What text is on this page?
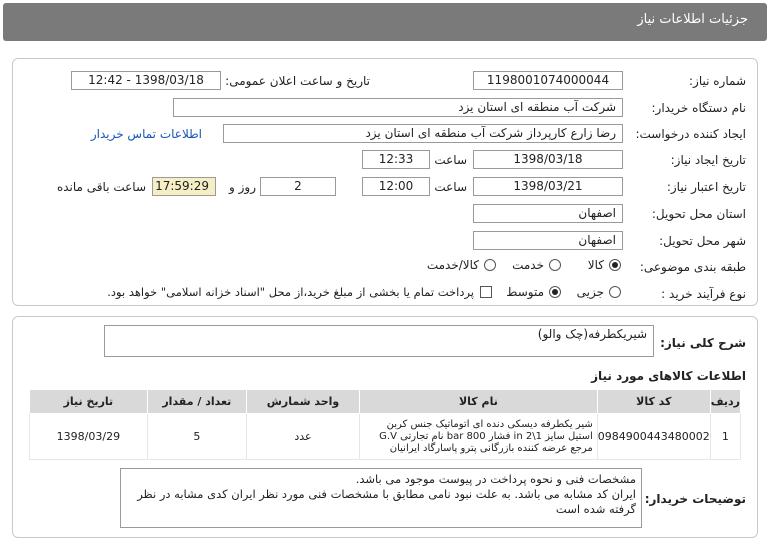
جزئیات اطلاعات نیاز
شماره نیاز:
1198001074000044
تاریخ و ساعت اعلان عمومی:
1398/03/18 - 12:42
نام دستگاه خریدار:
شرکت آب منطقه ای استان یزد
ایجاد کننده درخواست:
رضا زارع کارپرداز شرکت آب منطقه ای استان یزد
اطلاعات تماس خریدار
تاریخ ایجاد نیاز:
1398/03/18
ساعت
12:33
تاریخ اعتبار نیاز:
1398/03/21
ساعت
12:00
2
روز و
17:59:29
ساعت باقی مانده
استان محل تحویل:
اصفهان
شهر محل تحویل:
اصفهان
طبقه بندی موضوعی:
کالا
خدمت
کالا/خدمت
نوع فرآیند خرید :
جزیی
متوسط
پرداخت تمام یا بخشی از مبلغ خرید،از محل "اسناد خزانه اسلامی" خواهد بود.
شرح کلی نیاز:
شیریکطرفه(چک والو)
اطلاعات کالاهای مورد نیاز
ردیف	کد کالا	نام کالا	واحد شمارش	تعداد / مقدار	تاریخ نیاز
1	0984900443480002	شیر یکطرفه دیسکی دنده ای اتوماتیک جنس کربن استیل سایز in 2\1 فشار bar 800 نام تجارتی G.V مرجع عرضه کننده بازرگانی پترو پاسارگاد ایرانیان	عدد	5	1398/03/29
توضیحات خریدار:
مشخصات فنی و نحوه پرداخت در پیوست موجود می باشد.
ایران کد مشابه می باشد. به علت نبود نامی مطابق با مشخصات فنی مورد نظر ایران کدی مشابه در نظر گرفته شده است
